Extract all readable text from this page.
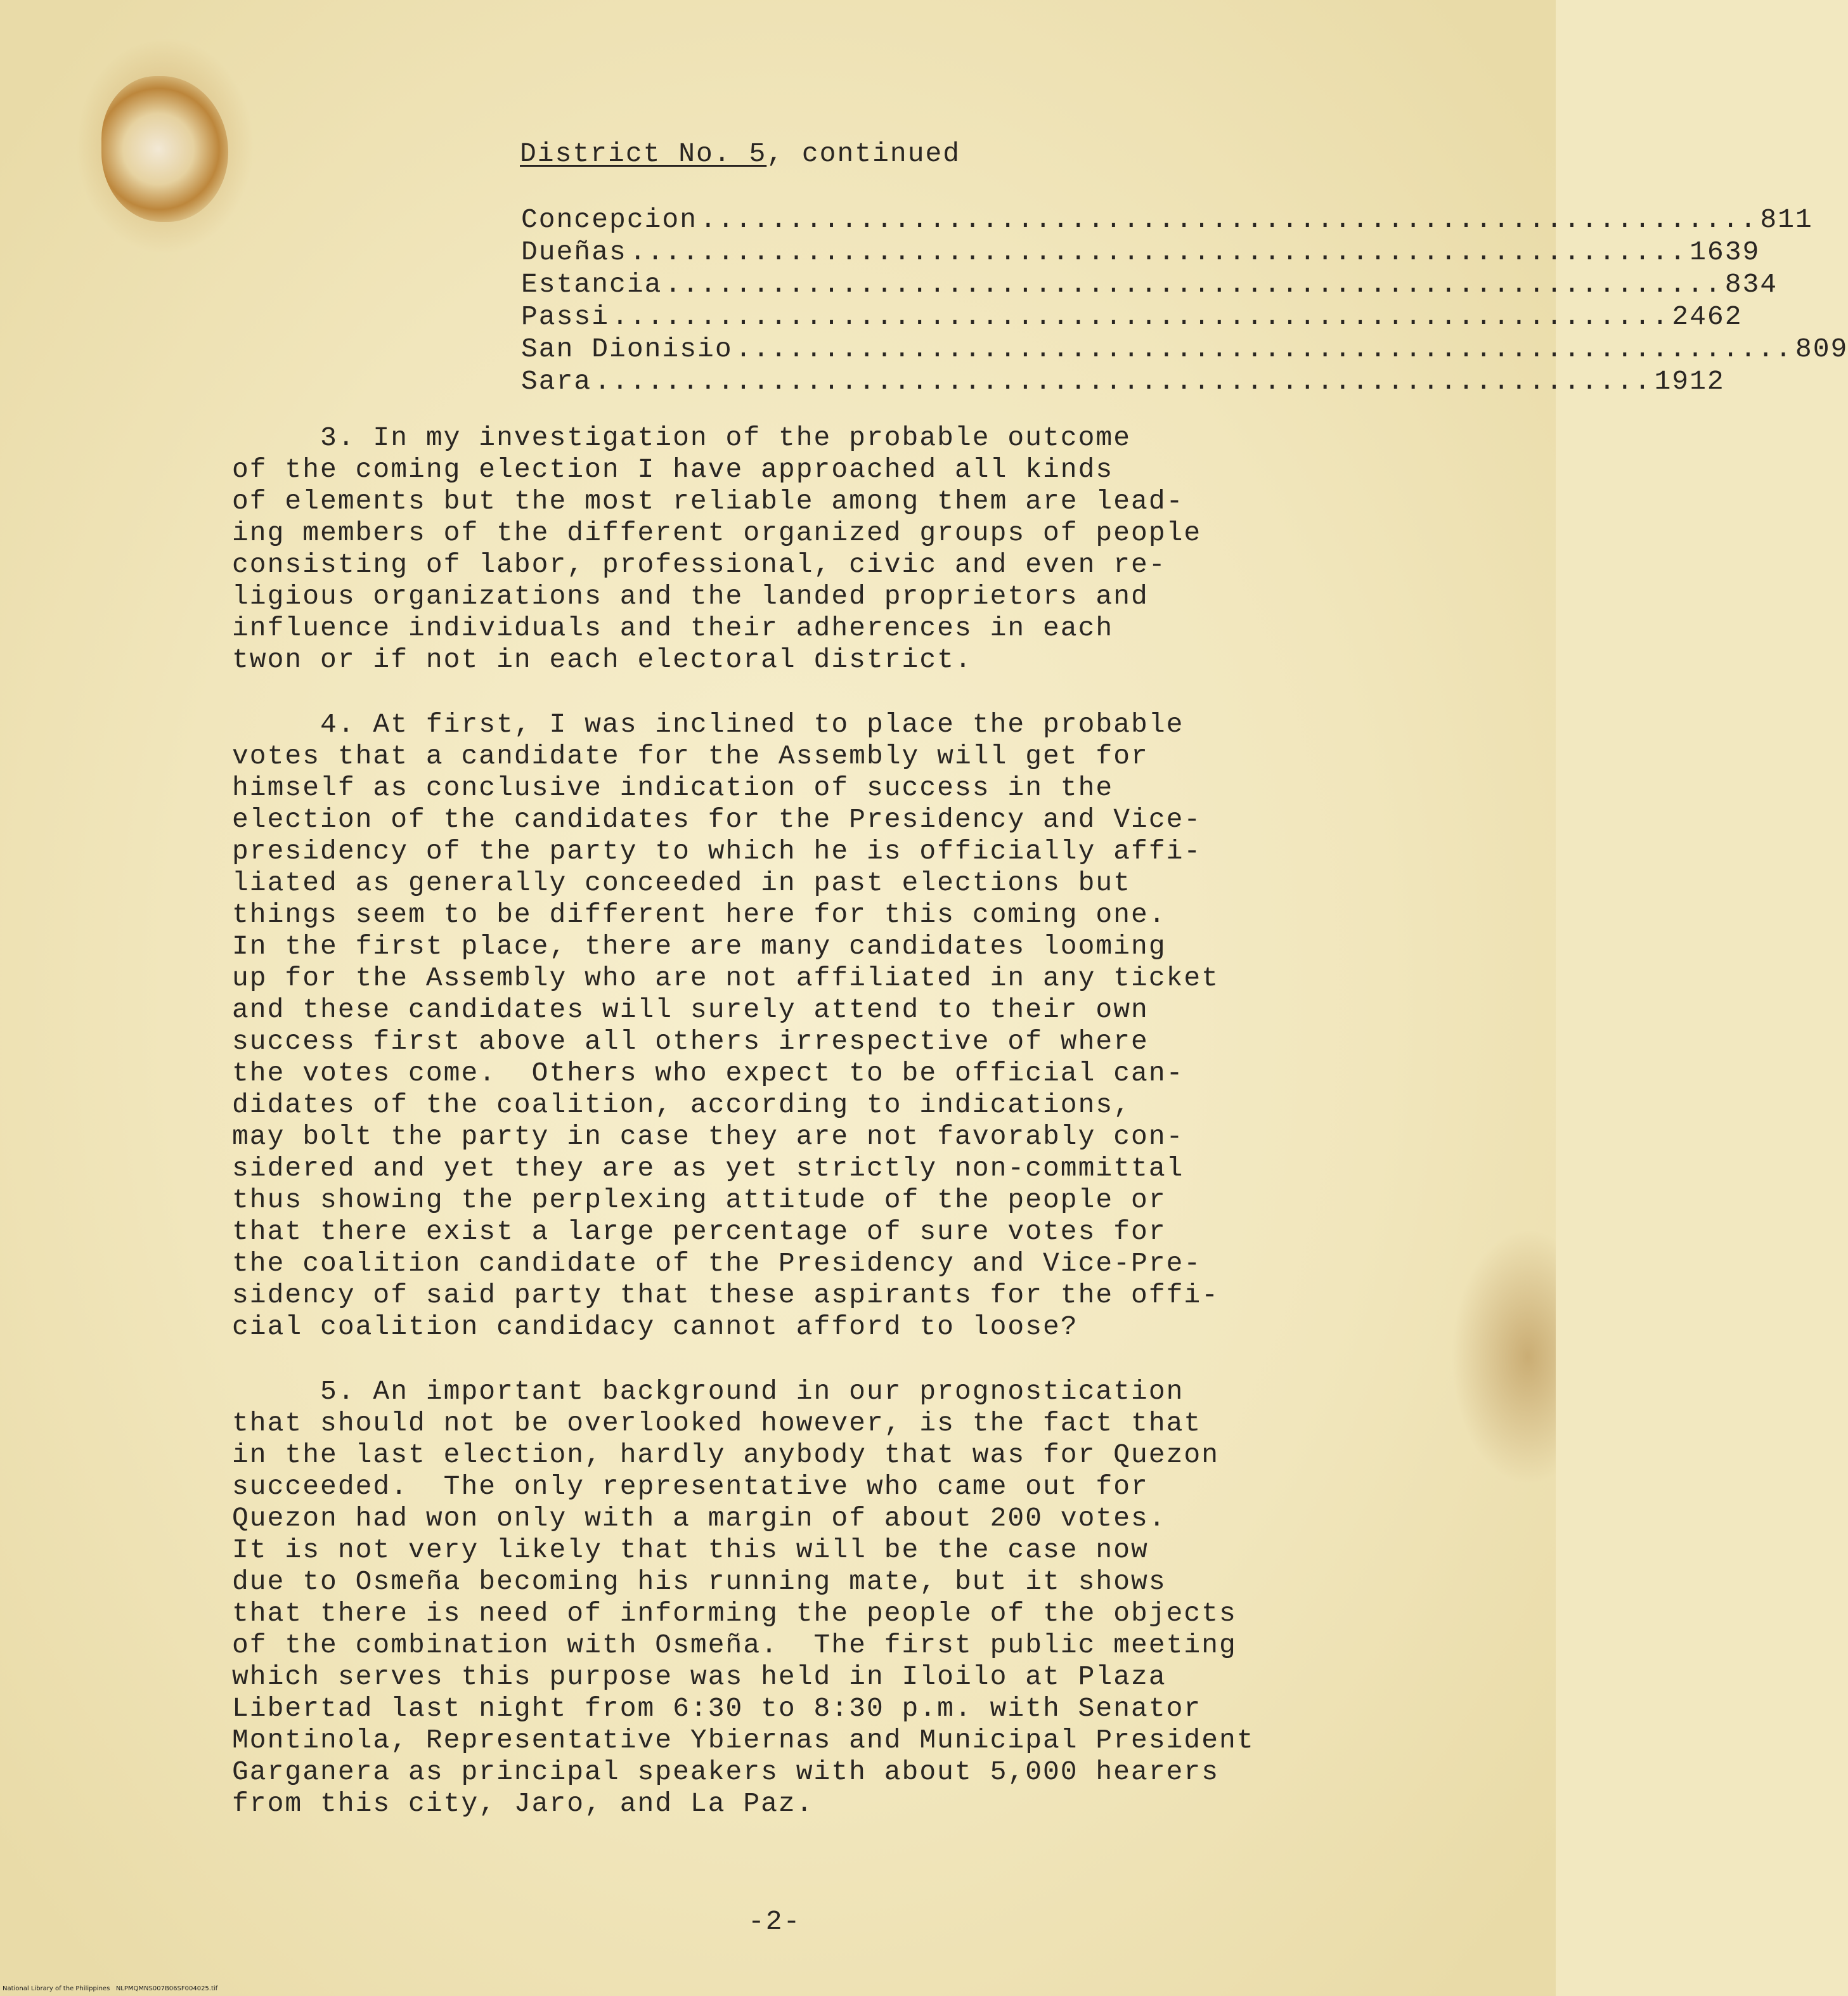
District No. 5, continued

Concepcion ............................................................ 811
Dueñas ............................................................ 1639
Estancia ............................................................ 834
Passi ............................................................ 2462
San Dionisio ............................................................ 809
Sara ............................................................ 1912
3. In my investigation of the probable outcome
of the coming election I have approached all kinds
of elements but the most reliable among them are lead-
ing members of the different organized groups of people
consisting of labor, professional, civic and even re-
ligious organizations and the landed proprietors and
influence individuals and their adherences in each
twon or if not in each electoral district.
4. At first, I was inclined to place the probable
votes that a candidate for the Assembly will get for
himself as conclusive indication of success in the
election of the candidates for the Presidency and Vice-
presidency of the party to which he is officially affi-
liated as generally conceeded in past elections but
things seem to be different here for this coming one.
In the first place, there are many candidates looming
up for the Assembly who are not affiliated in any ticket
and these candidates will surely attend to their own
success first above all others irrespective of where
the votes come.  Others who expect to be official can-
didates of the coalition, according to indications,
may bolt the party in case they are not favorably con-
sidered and yet they are as yet strictly non-committal
thus showing the perplexing attitude of the people or
that there exist a large percentage of sure votes for
the coalition candidate of the Presidency and Vice-Pre-
sidency of said party that these aspirants for the offi-
cial coalition candidacy cannot afford to loose?
5. An important background in our prognostication
that should not be overlooked however, is the fact that
in the last election, hardly anybody that was for Quezon
succeeded.  The only representative who came out for
Quezon had won only with a margin of about 200 votes.
It is not very likely that this will be the case now
due to Osmeña becoming his running mate, but it shows
that there is need of informing the people of the objects
of the combination with Osmeña.  The first public meeting
which serves this purpose was held in Iloilo at Plaza
Libertad last night from 6:30 to 8:30 p.m. with Senator
Montinola, Representative Ybiernas and Municipal President
Garganera as principal speakers with about 5,000 hearers
from this city, Jaro, and La Paz.

-2-

National Library of the Philippines   NLPMQMNS007B06SF004025.tif
